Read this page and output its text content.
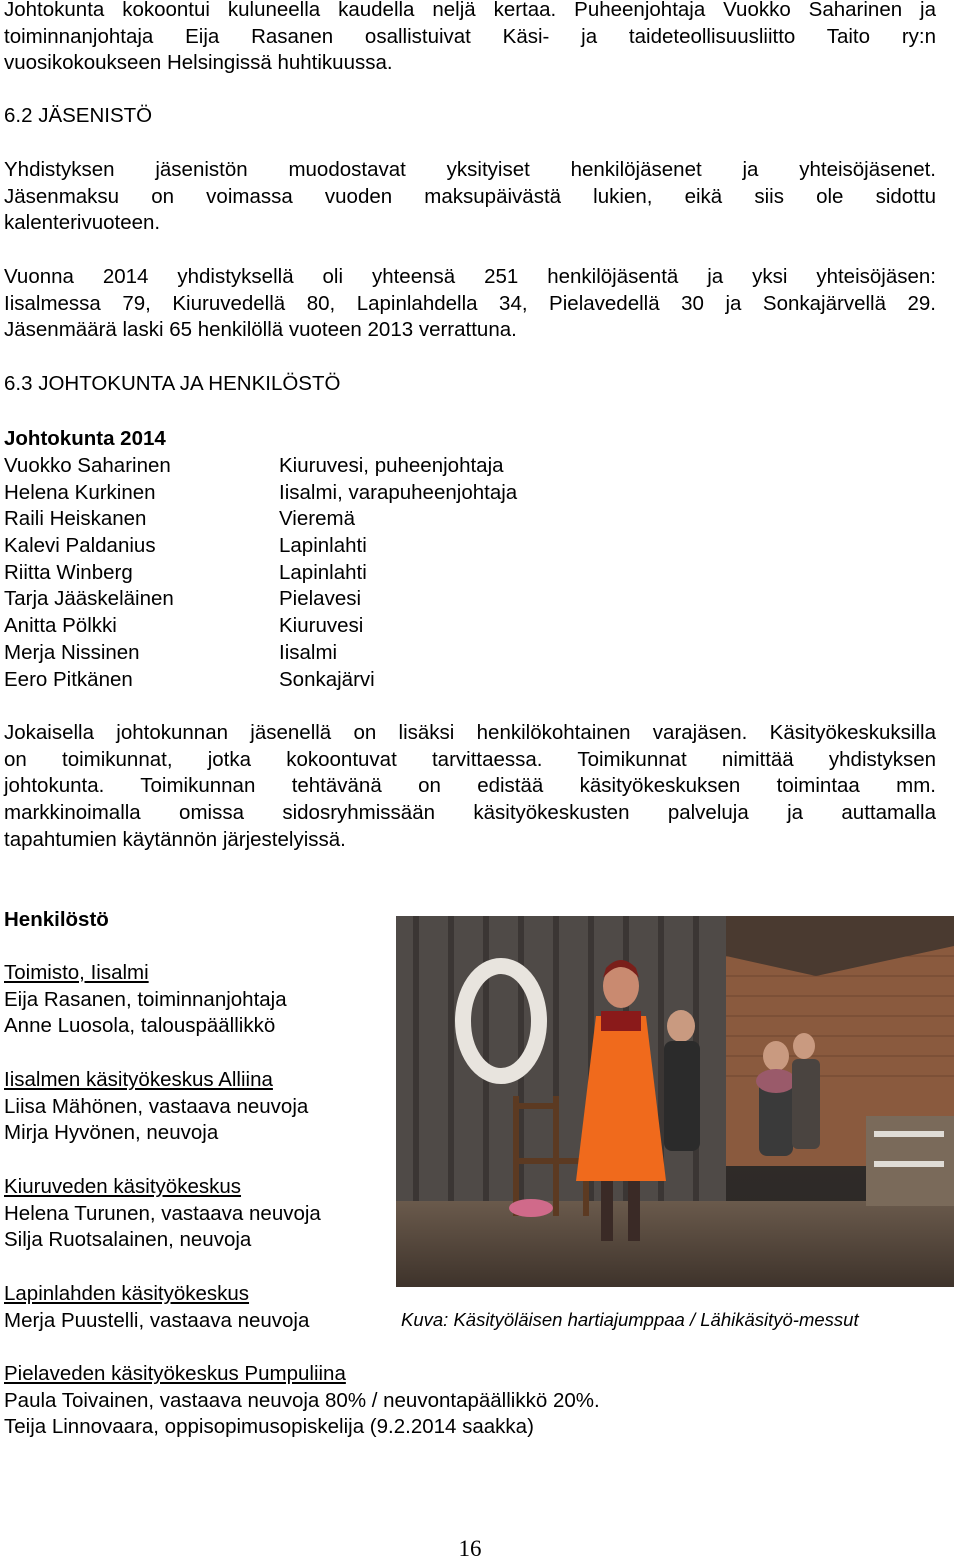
Johtokunta kokoontui kuluneella kaudella neljä kertaa. Puheenjohtaja Vuokko Saharinen ja
toiminnanjohtaja Eija Rasanen osallistuivat Käsi- ja taideteollisuusliitto Taito ry:n
vuosikokoukseen Helsingissä huhtikuussa.
6.2 JÄSENISTÖ
Yhdistyksen jäsenistön muodostavat yksityiset henkilöjäsenet ja yhteisöjäsenet.
Jäsenmaksu on voimassa vuoden maksupäivästä lukien, eikä siis ole sidottu
kalenterivuoteen.
Vuonna 2014 yhdistyksellä oli yhteensä 251 henkilöjäsentä ja yksi yhteisöjäsen:
Iisalmessa 79, Kiuruvedellä 80, Lapinlahdella 34, Pielavedellä 30 ja Sonkajärvellä 29.
Jäsenmäärä laski 65 henkilöllä vuoteen 2013 verrattuna.
6.3 JOHTOKUNTA JA HENKILÖSTÖ
Johtokunta 2014
Vuokko Saharinen
Helena Kurkinen
Raili Heiskanen
Kalevi Paldanius
Riitta Winberg
Tarja Jääskeläinen
Anitta Pölkki
Merja Nissinen
Eero Pitkänen
Kiuruvesi, puheenjohtaja
Iisalmi, varapuheenjohtaja
Vieremä
Lapinlahti
Lapinlahti
Pielavesi
Kiuruvesi
Iisalmi
Sonkajärvi
Jokaisella johtokunnan jäsenellä on lisäksi henkilökohtainen varajäsen. Käsityökeskuksilla
on toimikunnat, jotka kokoontuvat tarvittaessa. Toimikunnat nimittää yhdistyksen
johtokunta. Toimikunnan tehtävänä on edistää käsityökeskuksen toimintaa mm.
markkinoimalla omissa sidosryhmissään käsityökeskusten palveluja ja auttamalla
tapahtumien käytännön järjestelyissä.
Henkilöstö
Toimisto, Iisalmi
Eija Rasanen, toiminnanjohtaja
Anne Luosola, talouspäällikkö
Iisalmen käsityökeskus Alliina
Liisa Mähönen, vastaava neuvoja
Mirja Hyvönen, neuvoja
Kiuruveden käsityökeskus
Helena Turunen, vastaava neuvoja
Silja Ruotsalainen, neuvoja
Lapinlahden käsityökeskus
Merja Puustelli, vastaava neuvoja
Pielaveden käsityökeskus Pumpuliina
Paula Toivainen, vastaava neuvoja 80% / neuvontapäällikkö 20%.
Teija Linnovaara, oppisopimusopiskelija (9.2.2014 saakka)
Kuva: Käsityöläisen hartiajumppaa / Lähikäsityö-messut
16
